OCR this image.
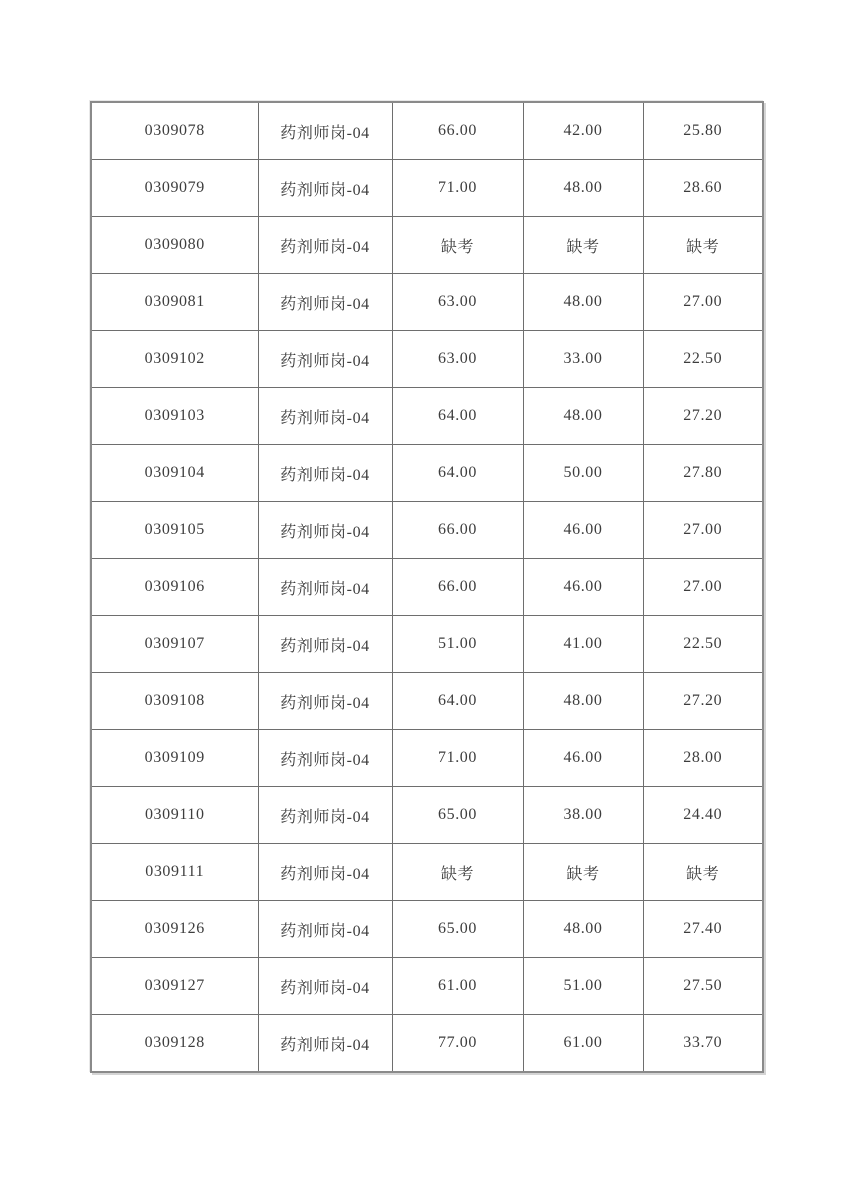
0309078	药剂师岗-04	66.00	42.00	25.80
0309079	药剂师岗-04	71.00	48.00	28.60
0309080	药剂师岗-04	缺考	缺考	缺考
0309081	药剂师岗-04	63.00	48.00	27.00
0309102	药剂师岗-04	63.00	33.00	22.50
0309103	药剂师岗-04	64.00	48.00	27.20
0309104	药剂师岗-04	64.00	50.00	27.80
0309105	药剂师岗-04	66.00	46.00	27.00
0309106	药剂师岗-04	66.00	46.00	27.00
0309107	药剂师岗-04	51.00	41.00	22.50
0309108	药剂师岗-04	64.00	48.00	27.20
0309109	药剂师岗-04	71.00	46.00	28.00
0309110	药剂师岗-04	65.00	38.00	24.40
0309111	药剂师岗-04	缺考	缺考	缺考
0309126	药剂师岗-04	65.00	48.00	27.40
0309127	药剂师岗-04	61.00	51.00	27.50
0309128	药剂师岗-04	77.00	61.00	33.70
